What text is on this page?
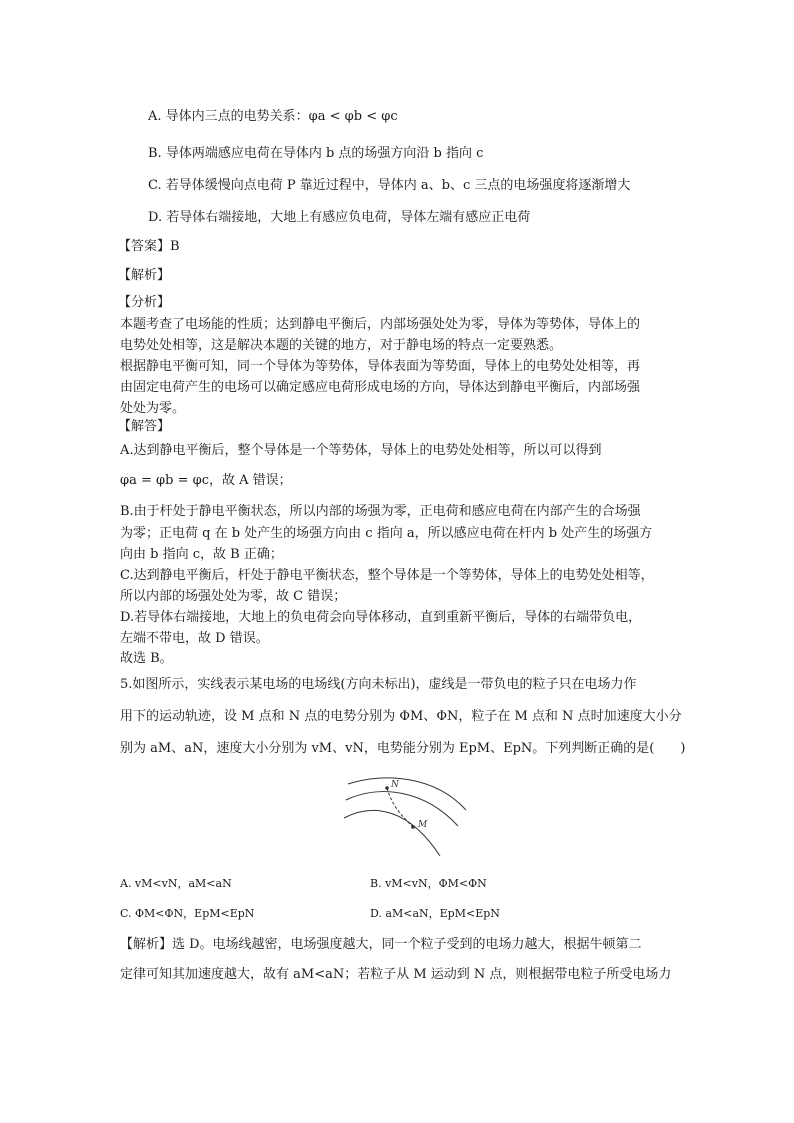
A. 导体内三点的电势关系：φa < φb < φc
B. 导体两端感应电荷在导体内 b 点的场强方向沿 b 指向 c
C. 若导体缓慢向点电荷 P 靠近过程中，导体内 a、b、c 三点的电场强度将逐渐增大
D. 若导体右端接地，大地上有感应负电荷，导体左端有感应正电荷
【答案】B
【解析】
【分析】
本题考查了电场能的性质；达到静电平衡后，内部场强处处为零，导体为等势体，导体上的
电势处处相等，这是解决本题的关键的地方，对于静电场的特点一定要熟悉。
根据静电平衡可知，同一个导体为等势体，导体表面为等势面，导体上的电势处处相等，再
由固定电荷产生的电场可以确定感应电荷形成电场的方向，导体达到静电平衡后，内部场强
处处为零。
【解答】
A.达到静电平衡后，整个导体是一个等势体，导体上的电势处处相等，所以可以得到
φa = φb = φc，故 A 错误；
B.由于杆处于静电平衡状态，所以内部的场强为零，正电荷和感应电荷在内部产生的合场强
为零；正电荷 q 在 b 处产生的场强方向由 c 指向 a，所以感应电荷在杆内 b 处产生的场强方
向由 b 指向 c，故 B 正确；
C.达到静电平衡后，杆处于静电平衡状态，整个导体是一个等势体，导体上的电势处处相等，
所以内部的场强处处为零，故 C 错误；
D.若导体右端接地，大地上的负电荷会向导体移动，直到重新平衡后，导体的右端带负电，
左端不带电，故 D 错误。
故选 B。
5.如图所示，实线表示某电场的电场线(方向未标出)，虚线是一带负电的粒子只在电场力作
用下的运动轨迹，设 M 点和 N 点的电势分别为 ΦM、ΦN，粒子在 M 点和 N 点时加速度大小分
别为 aM、aN，速度大小分别为 vM、vN，电势能分别为 EpM、EpN。下列判断正确的是(　　)
N
M
A. vM<vN，aM<aN	B. vM<vN，ΦM<ΦN
C. ΦM<ΦN，EpM<EpN	D. aM<aN，EpM<EpN
【解析】选 D。电场线越密，电场强度越大，同一个粒子受到的电场力越大，根据牛顿第二
定律可知其加速度越大，故有 aM<aN；若粒子从 M 运动到 N 点，则根据带电粒子所受电场力
